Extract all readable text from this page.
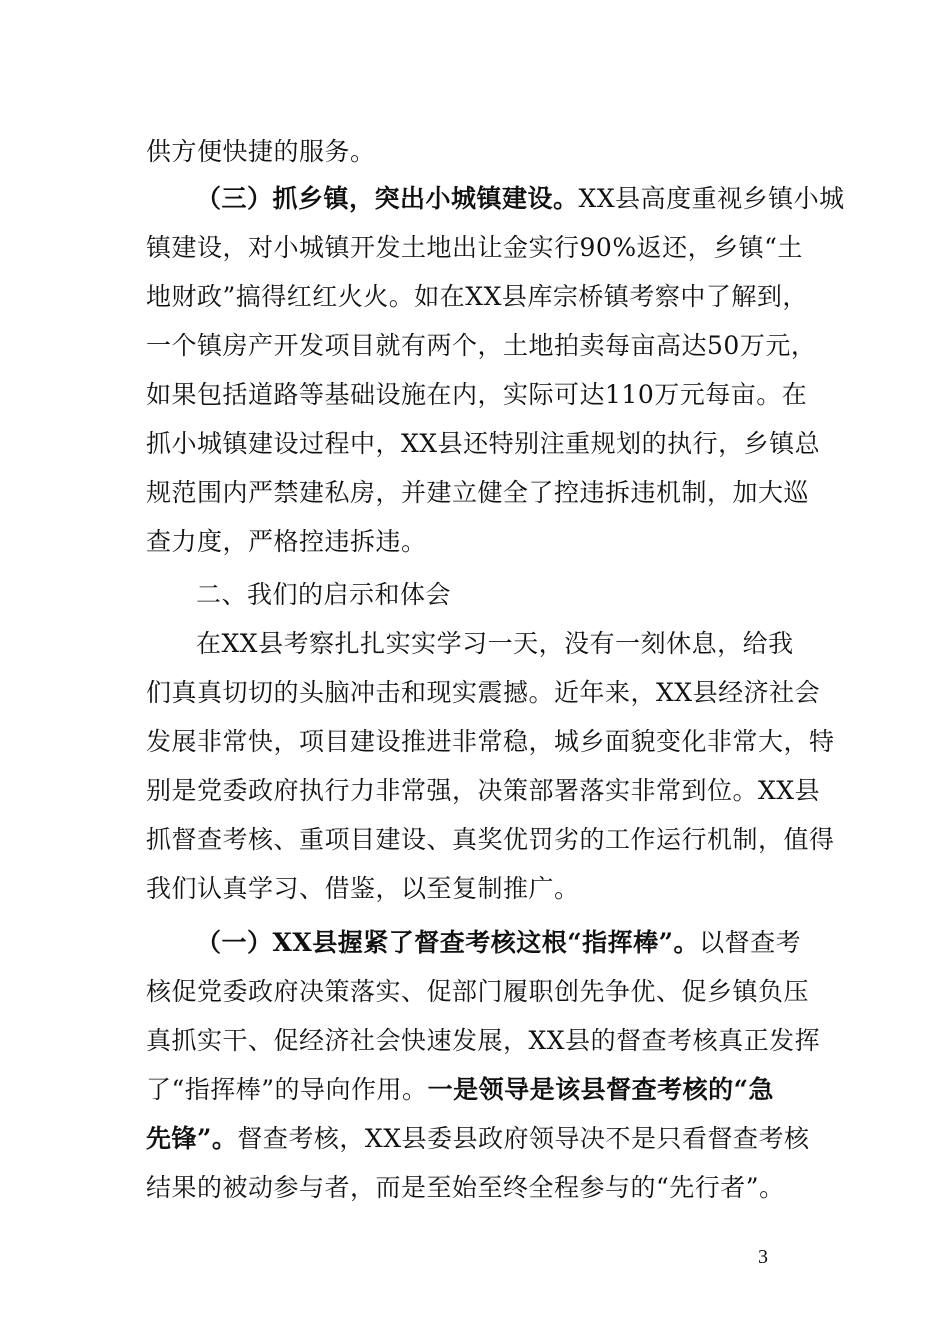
供方便快捷的服务。
（三）抓乡镇，突出小城镇建设。XX县高度重视乡镇小城
镇建设，对小城镇开发土地出让金实行90%返还，乡镇“土
地财政”搞得红红火火。如在XX县库宗桥镇考察中了解到，
一个镇房产开发项目就有两个，土地拍卖每亩高达50万元，
如果包括道路等基础设施在内，实际可达110万元每亩。在
抓小城镇建设过程中，XX县还特别注重规划的执行，乡镇总
规范围内严禁建私房，并建立健全了控违拆违机制，加大巡
查力度，严格控违拆违。
二、我们的启示和体会
在XX县考察扎扎实实学习一天，没有一刻休息，给我
们真真切切的头脑冲击和现实震撼。近年来，XX县经济社会
发展非常快，项目建设推进非常稳，城乡面貌变化非常大，特
别是党委政府执行力非常强，决策部署落实非常到位。XX县
抓督查考核、重项目建设、真奖优罚劣的工作运行机制，值得
我们认真学习、借鉴，以至复制推广。
（一）XX县握紧了督查考核这根“指挥棒”。以督查考
核促党委政府决策落实、促部门履职创先争优、促乡镇负压
真抓实干、促经济社会快速发展，XX县的督查考核真正发挥
了“指挥棒”的导向作用。一是领导是该县督查考核的“急
先锋”。督查考核，XX县委县政府领导决不是只看督查考核
结果的被动参与者，而是至始至终全程参与的“先行者”。
3
